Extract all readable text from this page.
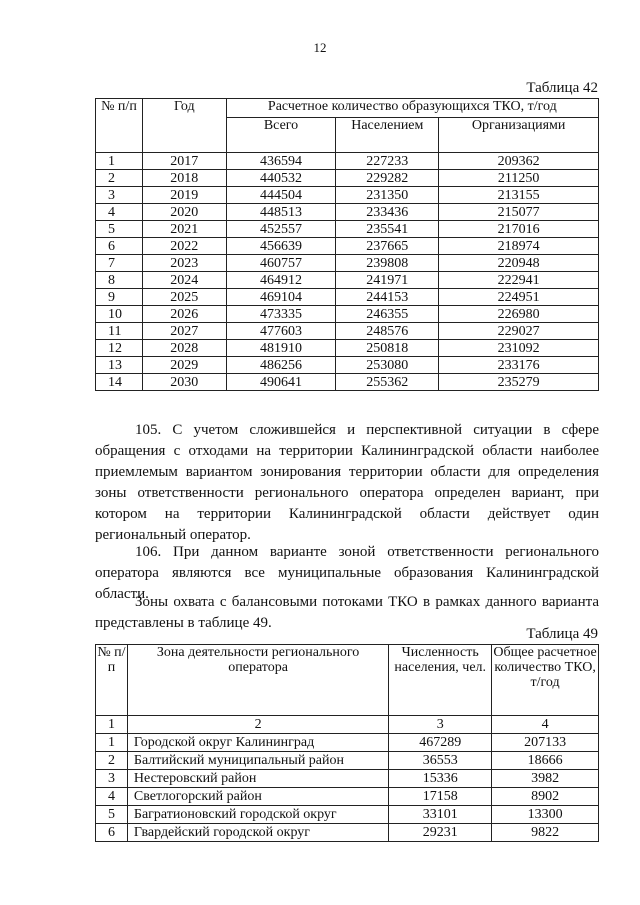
12
Таблица 42
№ п/п	Год	Расчетное количество образующихся ТКО, т/год		
		Всего	Населением	Организациями
1	2017	436594	227233	209362
2	2018	440532	229282	211250
3	2019	444504	231350	213155
4	2020	448513	233436	215077
5	2021	452557	235541	217016
6	2022	456639	237665	218974
7	2023	460757	239808	220948
8	2024	464912	241971	222941
9	2025	469104	244153	224951
10	2026	473335	246355	226980
11	2027	477603	248576	229027
12	2028	481910	250818	231092
13	2029	486256	253080	233176
14	2030	490641	255362	235279
105. С учетом сложившейся и перспективной ситуации в сфере обращения с отходами на территории Калининградской области наиболее приемлемым вариантом зонирования территории области для определения зоны ответственности регионального оператора определен вариант, при котором на территории Калининградской области действует один региональный оператор.
106. При данном варианте зоной ответственности регионального оператора являются все муниципальные образования Калининградской области.
Зоны охвата с балансовыми потоками ТКО в рамках данного варианта представлены в таблице 49.
Таблица 49
№ п/п	Зона деятельности регионального оператора	Численность населения, чел.	Общее расчетное количество ТКО, т/год
1	2	3	4
1	Городской округ Калининград	467289	207133
2	Балтийский муниципальный район	36553	18666
3	Нестеровский район	15336	3982
4	Светлогорский район	17158	8902
5	Багратионовский городской округ	33101	13300
6	Гвардейский городской округ	29231	9822
